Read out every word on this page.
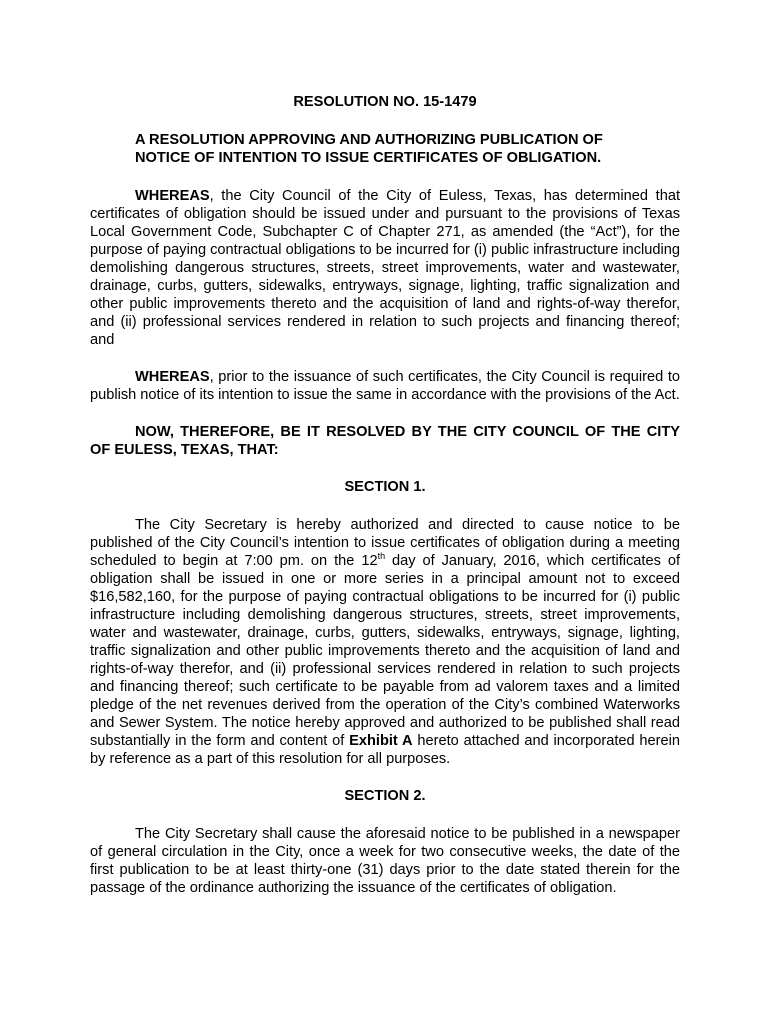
RESOLUTION NO. 15-1479
A RESOLUTION APPROVING AND AUTHORIZING PUBLICATION OF
NOTICE OF INTENTION TO ISSUE CERTIFICATES OF OBLIGATION.

WHEREAS, the City Council of the City of Euless, Texas, has determined that certificates of obligation should be issued under and pursuant to the provisions of Texas Local Government Code, Subchapter C of Chapter 271, as amended (the “Act”), for the purpose of paying contractual obligations to be incurred for (i) public infrastructure including demolishing dangerous structures, streets, street improvements, water and wastewater, drainage, curbs, gutters, sidewalks, entryways, signage, lighting, traffic signalization and other public improvements thereto and the acquisition of land and rights-of-way therefor, and (ii) professional services rendered in relation to such projects and financing thereof; and

WHEREAS, prior to the issuance of such certificates, the City Council is required to publish notice of its intention to issue the same in accordance with the provisions of the Act.

NOW, THEREFORE, BE IT RESOLVED BY THE CITY COUNCIL OF THE CITY OF EULESS, TEXAS, THAT:

SECTION 1.

The City Secretary is hereby authorized and directed to cause notice to be published of the City Council’s intention to issue certificates of obligation during a meeting scheduled to begin at 7:00 pm. on the 12th day of January, 2016, which certificates of obligation shall be issued in one or more series in a principal amount not to exceed $16,582,160, for the purpose of paying contractual obligations to be incurred for (i) public infrastructure including demolishing dangerous structures, streets, street improvements, water and wastewater, drainage, curbs, gutters, sidewalks, entryways, signage, lighting, traffic signalization and other public improvements thereto and the acquisition of land and rights-of-way therefor, and (ii) professional services rendered in relation to such projects and financing thereof; such certificate to be payable from ad valorem taxes and a limited pledge of the net revenues derived from the operation of the City’s combined Waterworks and Sewer System. The notice hereby approved and authorized to be published shall read substantially in the form and content of Exhibit A hereto attached and incorporated herein by reference as a part of this resolution for all purposes.

SECTION 2.

The City Secretary shall cause the aforesaid notice to be published in a newspaper of general circulation in the City, once a week for two consecutive weeks, the date of the first publication to be at least thirty-one (31) days prior to the date stated therein for the passage of the ordinance authorizing the issuance of the certificates of obligation.
